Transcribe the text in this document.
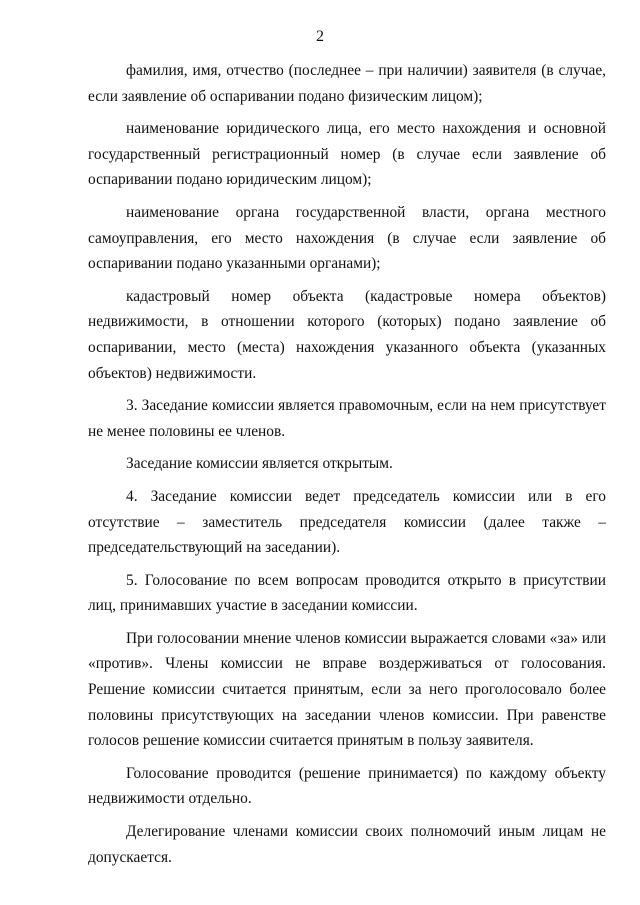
2

фамилия, имя, отчество (последнее – при наличии) заявителя (в случае, если заявление об оспаривании подано физическим лицом);

наименование юридического лица, его место нахождения и основной государственный регистрационный номер (в случае если заявление об оспаривании подано юридическим лицом);

наименование органа государственной власти, органа местного самоуправления, его место нахождения (в случае если заявление об оспаривании подано указанными органами);

кадастровый номер объекта (кадастровые номера объектов) недвижимости, в отношении которого (которых) подано заявление об оспаривании, место (места) нахождения указанного объекта (указанных объектов) недвижимости.

3. Заседание комиссии является правомочным, если на нем присутствует не менее половины ее членов.

Заседание комиссии является открытым.

4. Заседание комиссии ведет председатель комиссии или в его отсутствие – заместитель председателя комиссии (далее также – председательствующий на заседании).

5. Голосование по всем вопросам проводится открыто в присутствии лиц, принимавших участие в заседании комиссии.

При голосовании мнение членов комиссии выражается словами «за» или «против». Члены комиссии не вправе воздерживаться от голосования. Решение комиссии считается принятым, если за него проголосовало более половины присутствующих на заседании членов комиссии. При равенстве голосов решение комиссии считается принятым в пользу заявителя.

Голосование проводится (решение принимается) по каждому объекту недвижимости отдельно.

Делегирование членами комиссии своих полномочий иным лицам не допускается.
